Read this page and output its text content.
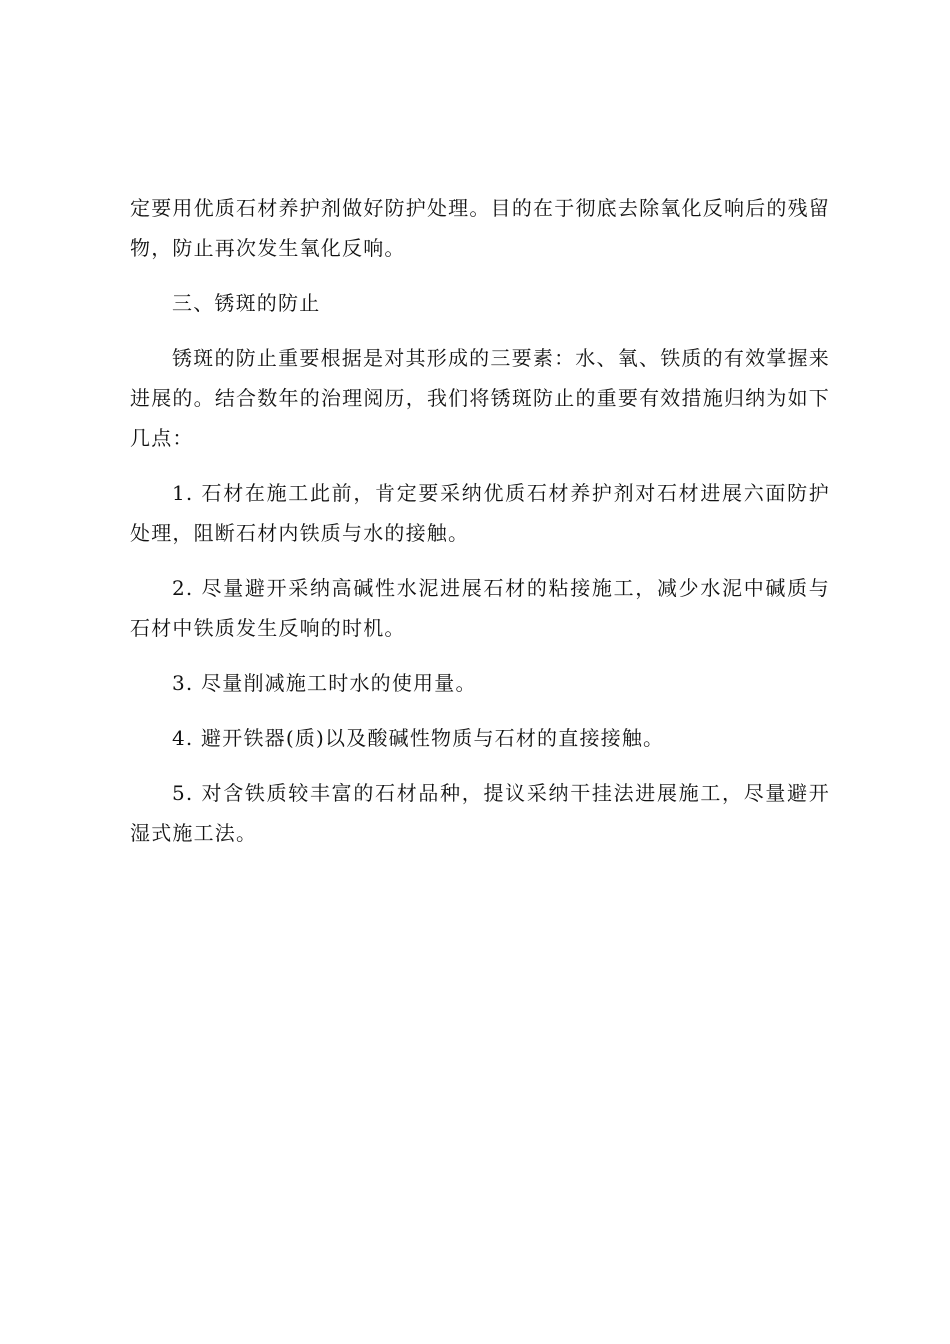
定要用优质石材养护剂做好防护处理。目的在于彻底去除氧化反响后的残留物，防止再次发生氧化反响。

三、锈斑的防止

锈斑的防止重要根据是对其形成的三要素：水、氧、铁质的有效掌握来进展的。结合数年的治理阅历，我们将锈斑防止的重要有效措施归纳为如下几点：

1. 石材在施工此前，肯定要采纳优质石材养护剂对石材进展六面防护处理，阻断石材内铁质与水的接触。

2. 尽量避开采纳高碱性水泥进展石材的粘接施工，减少水泥中碱质与石材中铁质发生反响的时机。

3. 尽量削减施工时水的使用量。

4. 避开铁器(质)以及酸碱性物质与石材的直接接触。

5. 对含铁质较丰富的石材品种，提议采纳干挂法进展施工，尽量避开湿式施工法。
